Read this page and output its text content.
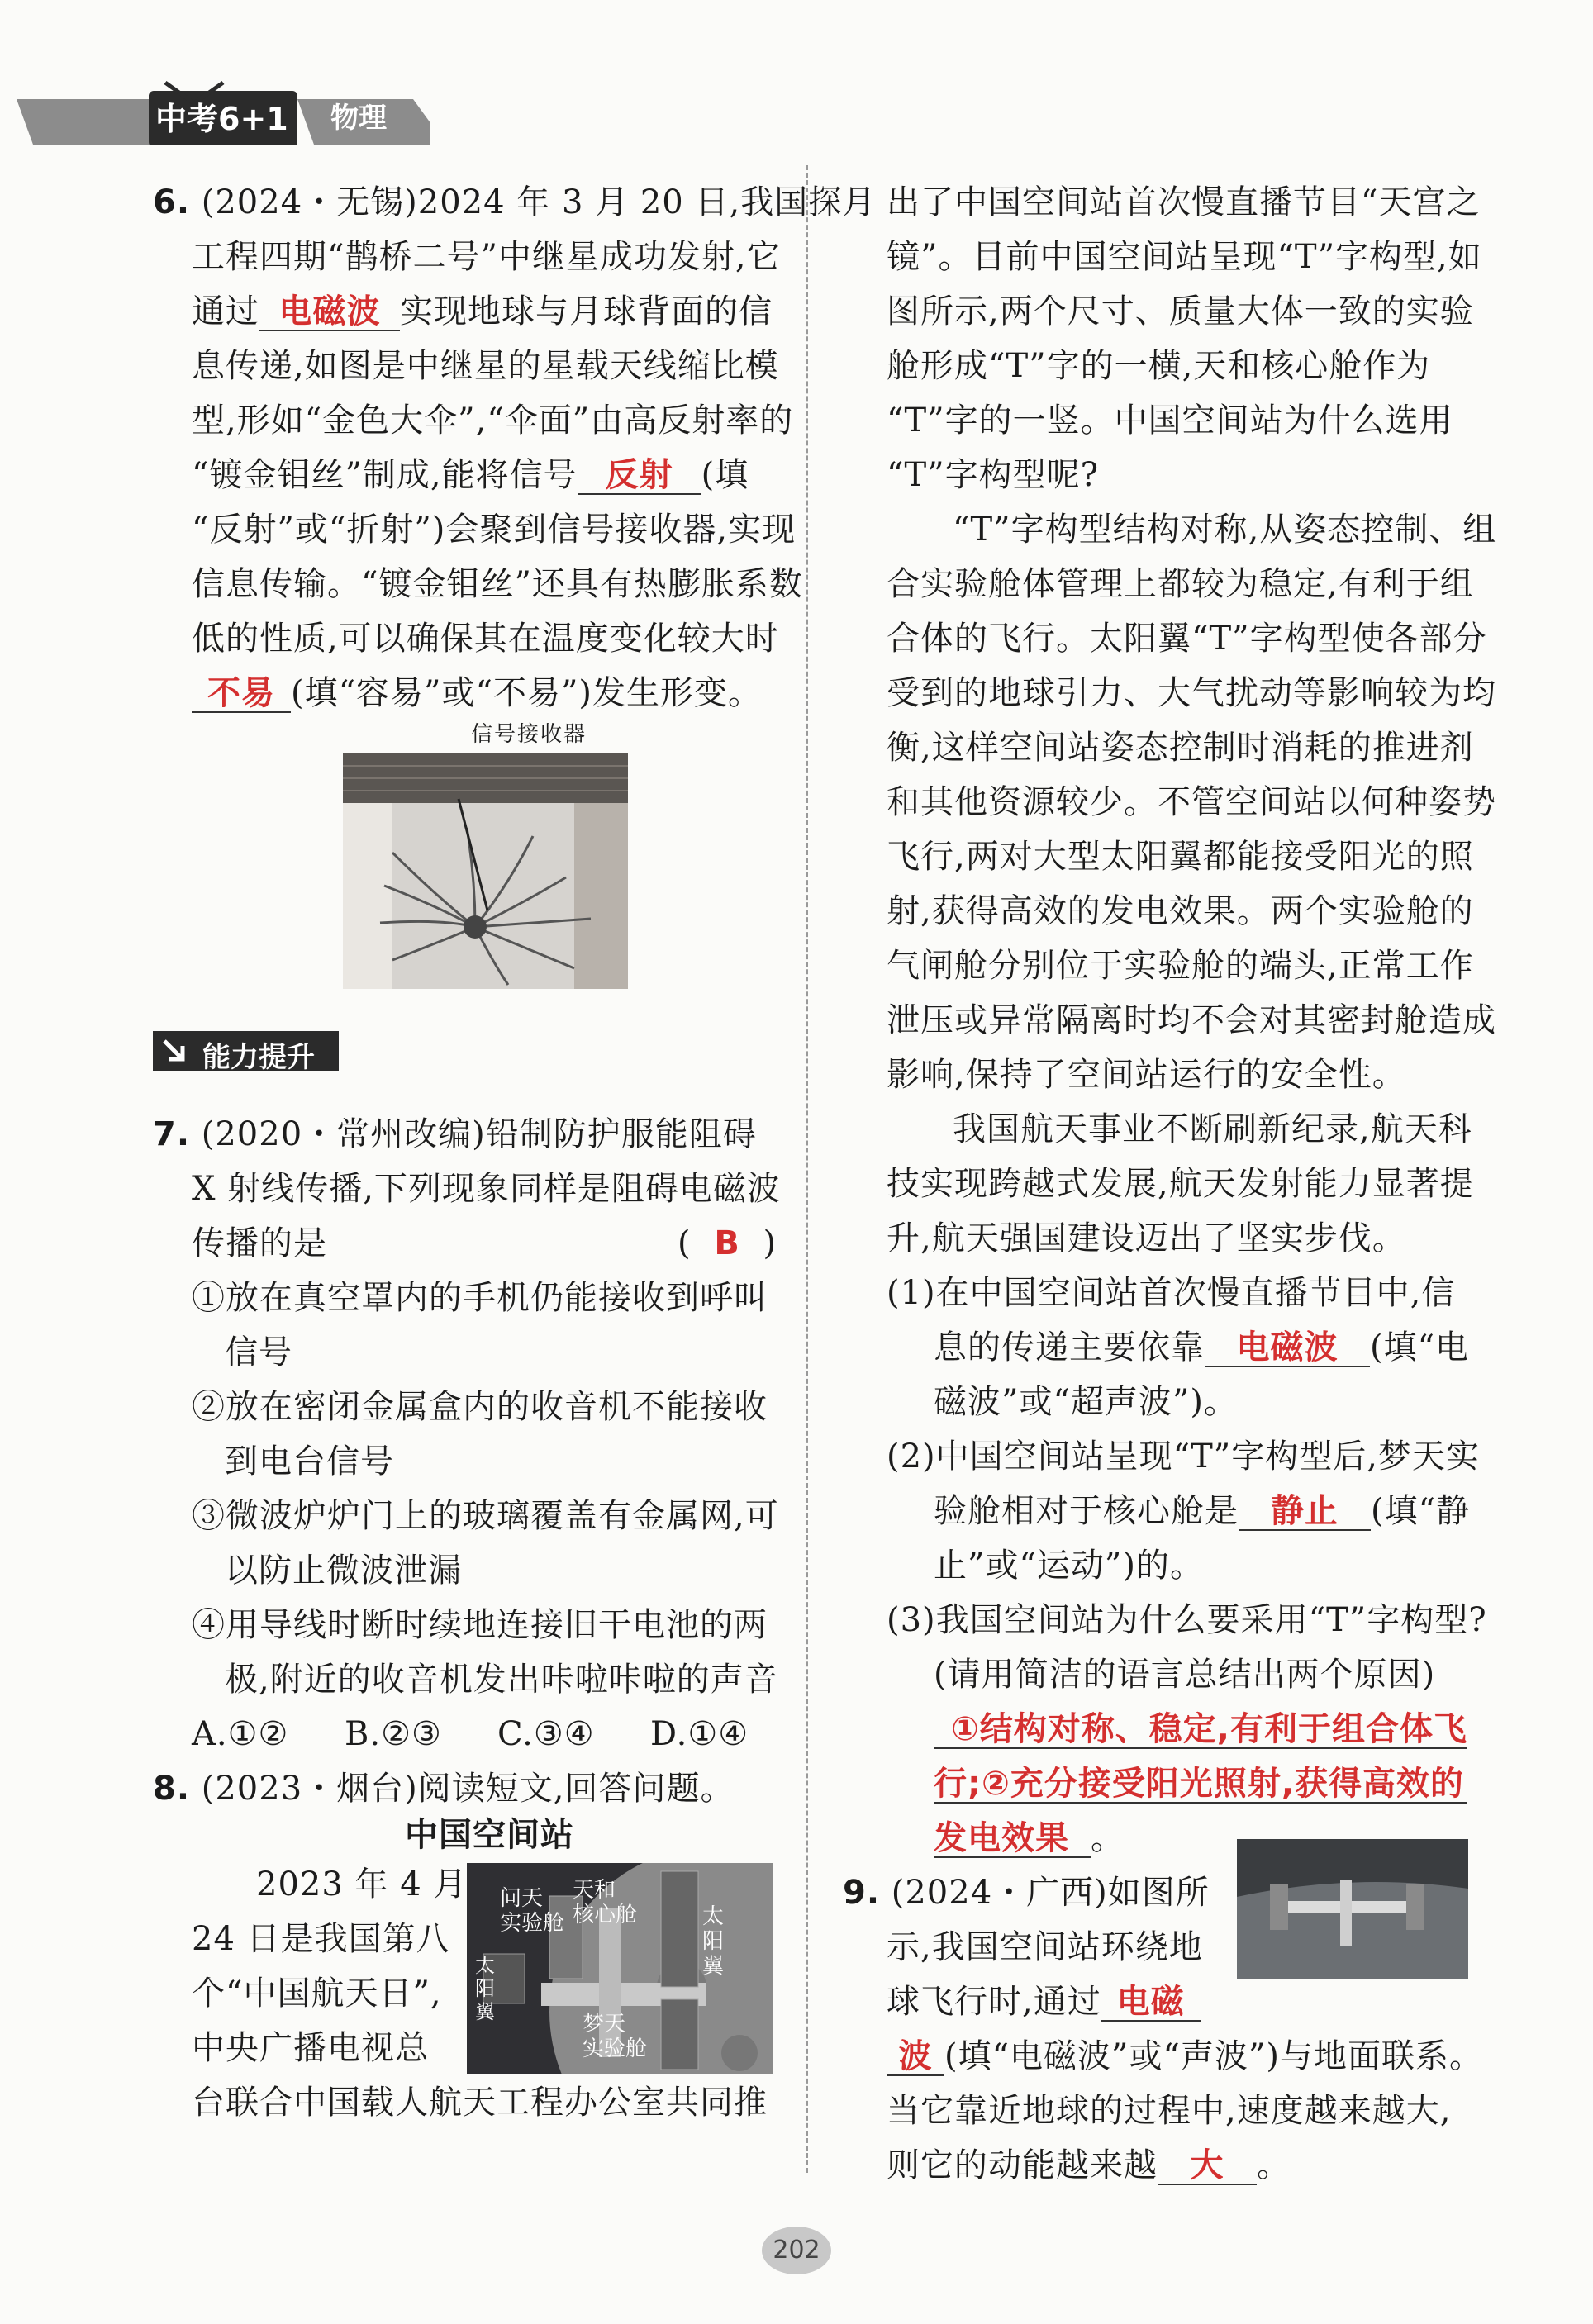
中考6+1 物理
6. (2024・无锡)2024 年 3 月 20 日,我国探月
工程四期“鹊桥二号”中继星成功发射,它
通过 电磁波 实现地球与月球背面的信
息传递,如图是中继星的星载天线缩比模
型,形如“金色大伞”,“伞面”由高反射率的
“镀金钼丝”制成,能将信号 反射 (填
“反射”或“折射”)会聚到信号接收器,实现
信息传输。“镀金钼丝”还具有热膨胀系数
低的性质,可以确保其在温度变化较大时
不易 (填“容易”或“不易”)发生形变。
信号接收器
能力提升
7. (2020・常州改编)铅制防护服能阻碍
X 射线传播,下列现象同样是阻碍电磁波
传播的是	( B )
①放在真空罩内的手机仍能接收到呼叫
信号
②放在密闭金属盒内的收音机不能接收
到电台信号
③微波炉炉门上的玻璃覆盖有金属网,可
以防止微波泄漏
④用导线时断时续地连接旧干电池的两
极,附近的收音机发出咔啦咔啦的声音
A.①② B.②③ C.③④ D.①④
8. (2023・烟台)阅读短文,回答问题。
中国空间站
2023 年 4 月
24 日是我国第八
个“中国航天日”,
中央广播电视总
台联合中国载人航天工程办公室共同推
问天
实验舱
天和
核心舱	太
阳
翼
太
阳
翼	梦天
实验舱
出了中国空间站首次慢直播节目“天宫之
镜”。目前中国空间站呈现“T”字构型,如
图所示,两个尺寸、质量大体一致的实验
舱形成“T”字的一横,天和核心舱作为
“T”字的一竖。中国空间站为什么选用
“T”字构型呢?
“T”字构型结构对称,从姿态控制、组
合实验舱体管理上都较为稳定,有利于组
合体的飞行。太阳翼“T”字构型使各部分
受到的地球引力、大气扰动等影响较为均
衡,这样空间站姿态控制时消耗的推进剂
和其他资源较少。不管空间站以何种姿势
飞行,两对大型太阳翼都能接受阳光的照
射,获得高效的发电效果。两个实验舱的
气闸舱分别位于实验舱的端头,正常工作
泄压或异常隔离时均不会对其密封舱造成
影响,保持了空间站运行的安全性。
我国航天事业不断刷新纪录,航天科
技实现跨越式发展,航天发射能力显著提
升,航天强国建设迈出了坚实步伐。
(1)在中国空间站首次慢直播节目中,信
息的传递主要依靠 电磁波 (填“电
磁波”或“超声波”)。
(2)中国空间站呈现“T”字构型后,梦天实
验舱相对于核心舱是 静止 (填“静
止”或“运动”)的。
(3)我国空间站为什么要采用“T”字构型?
(请用简洁的语言总结出两个原因)
①结构对称、稳定,有利于组合体飞
行;②充分接受阳光照射,获得高效的
发电效果 。
9. (2024・广西)如图所
示,我国空间站环绕地
球飞行时,通过 电磁
波 (填“电磁波”或“声波”)与地面联系。
当它靠近地球的过程中,速度越来越大,
则它的动能越来越 大 。
202
